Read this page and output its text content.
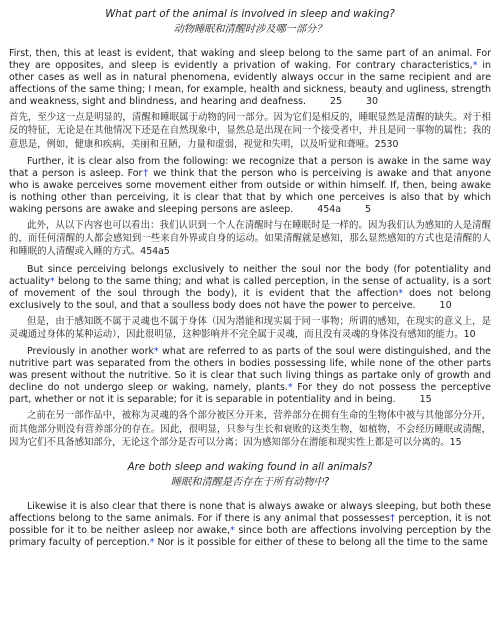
What part of the animal is involved in sleep and waking?
动物睡眠和清醒时涉及哪一部分？

First, then, this at least is evident, that waking and sleep belong to the same part of an animal. For they are opposites, and sleep is evidently a privation of waking. For contrary characteristics,* in other cases as well as in natural phenomena, evidently always occur in the same recipient and are affections of the same thing; I mean, for example, health and sickness, beauty and ugliness, strength and weakness, sight and blindness, and hearing and deafness.        25        30

首先，至少这一点是明显的，清醒和睡眠属于动物的同一部分。因为它们是相反的，睡眠显然是清醒的缺失。对于相反的特征，无论是在其他情况下还是在自然现象中，显然总是出现在同一个接受者中，并且是同一事物的属性；我的意思是，例如，健康和疾病，美丽和丑陋，力量和虚弱，视觉和失明，以及听觉和聋哑。2530

Further, it is clear also from the following: we recognize that a person is awake in the same way that a person is asleep. For† we think that the person who is perceiving is awake and that anyone who is awake perceives some movement either from outside or within himself. If, then, being awake is nothing other than perceiving, it is clear that that by which one perceives is also that by which waking persons are awake and sleeping persons are asleep.        454a        5

此外，从以下内容也可以看出：我们认识到一个人在清醒时与在睡眠时是一样的。因为我们认为感知的人是清醒的，而任何清醒的人都会感知到一些来自外界或自身的运动。如果清醒就是感知，那么显然感知的方式也是清醒的人和睡眠的人清醒或入睡的方式。454a5

But since perceiving belongs exclusively to neither the soul nor the body (for potentiality and actuality* belong to the same thing; and what is called perception, in the sense of actuality, is a sort of movement of the soul through the body), it is evident that the affection* does not belong exclusively to the soul, and that a soulless body does not have the power to perceive.        10

但是，由于感知既不属于灵魂也不属于身体（因为潜能和现实属于同一事物；所谓的感知，在现实的意义上，是灵魂通过身体的某种运动），因此很明显，这种影响并不完全属于灵魂，而且没有灵魂的身体没有感知的能力。10

Previously in another work* what are referred to as parts of the soul were distinguished, and the nutritive part was separated from the others in bodies possessing life, while none of the other parts was present without the nutritive. So it is clear that such living things as partake only of growth and decline do not undergo sleep or waking, namely, plants.* For they do not possess the perceptive part, whether or not it is separable; for it is separable in potentiality and in being.        15

之前在另一部作品中，被称为灵魂的各个部分被区分开来，营养部分在拥有生命的生物体中被与其他部分分开，而其他部分则没有营养部分的存在。因此，很明显，只参与生长和衰败的这类生物，如植物，不会经历睡眠或清醒，因为它们不具备感知部分，无论这个部分是否可以分离；因为感知部分在潜能和现实性上都是可以分离的。15

Are both sleep and waking found in all animals?
睡眠和清醒是否存在于所有动物中?

Likewise it is also clear that there is none that is always awake or always sleeping, but both these affections belong to the same animals. For if there is any animal that possesses† perception, it is not possible for it to be neither asleep nor awake,* since both are affections involving perception by the primary faculty of perception.* Nor is it possible for either of these to belong all the time to the same
